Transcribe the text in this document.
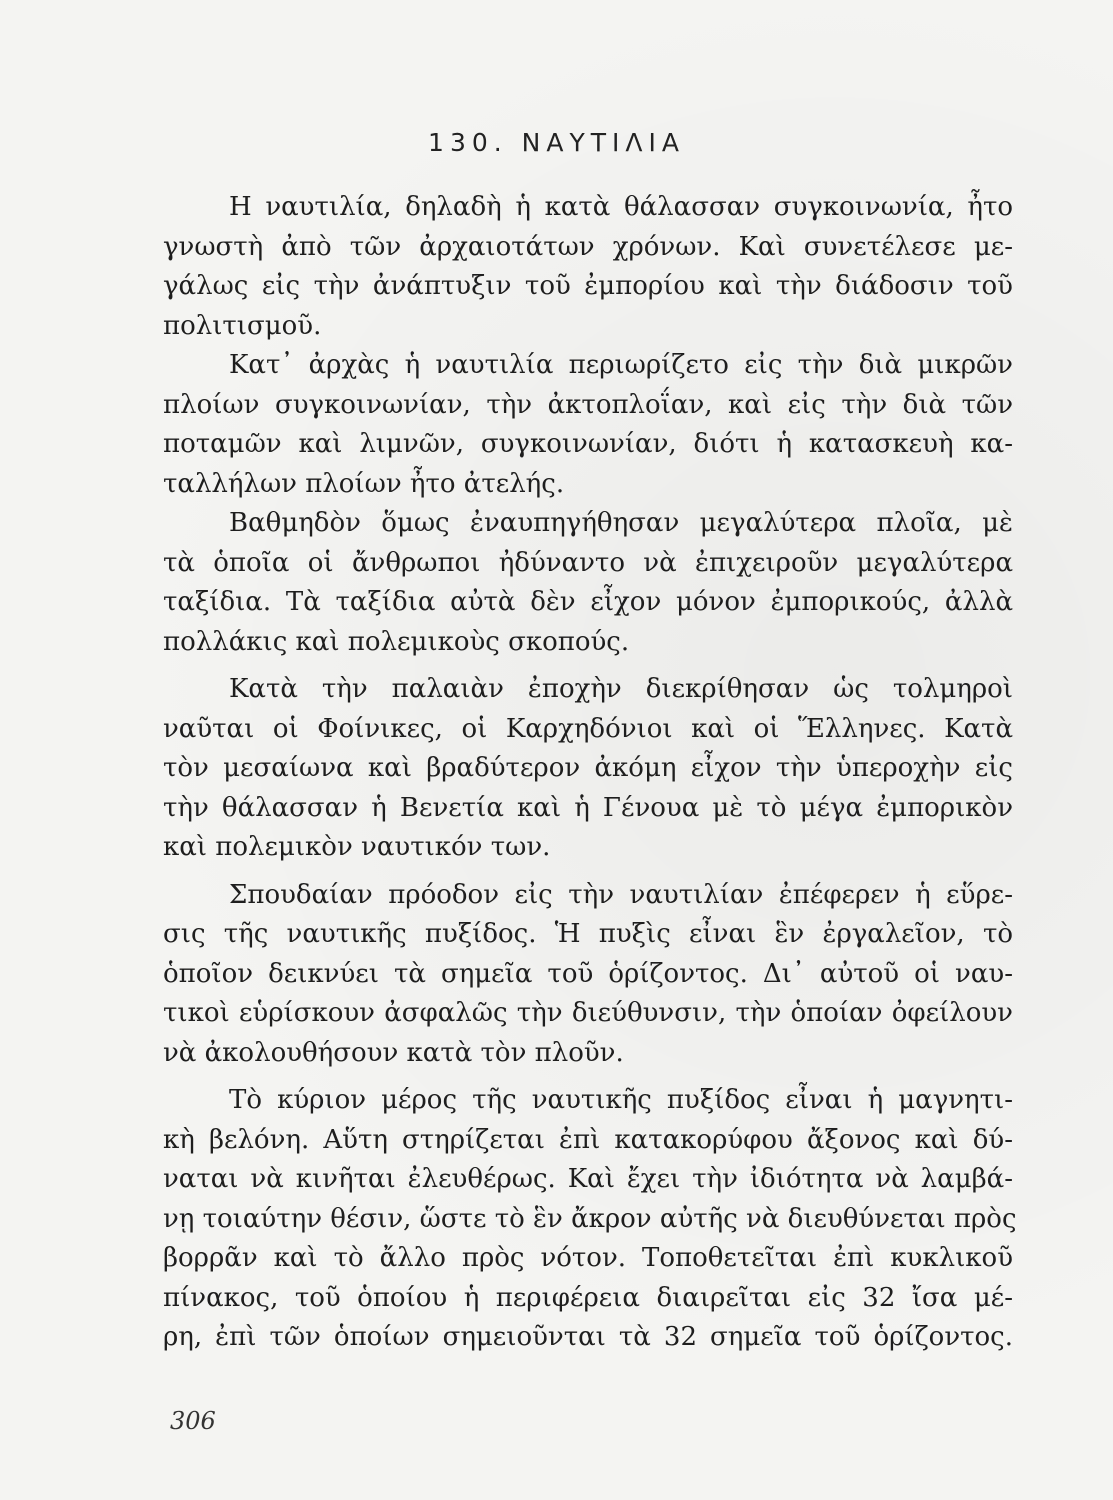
130. ΝΑΥΤΙΛΙΑ
Η ναυτιλία, δηλαδὴ ἡ κατὰ θάλασσαν συγκοινωνία, ἦτο
γνωστὴ ἀπὸ τῶν ἀρχαιοτάτων χρόνων. Καὶ συνετέλεσε με-
γάλως εἰς τὴν ἀνάπτυξιν τοῦ ἐμπορίου καὶ τὴν διάδοσιν τοῦ
πολιτισμοῦ.
Κατ᾿ ἀρχὰς ἡ ναυτιλία περιωρίζετο εἰς τὴν διὰ μικρῶν
πλοίων συγκοινωνίαν, τὴν ἀκτοπλοΐαν, καὶ εἰς τὴν διὰ τῶν
ποταμῶν καὶ λιμνῶν, συγκοινωνίαν, διότι ἡ κατασκευὴ κα-
ταλλήλων πλοίων ἦτο ἀτελής.
Βαθμηδὸν ὅμως ἐναυπηγήθησαν μεγαλύτερα πλοῖα, μὲ
τὰ ὁποῖα οἱ ἄνθρωποι ἠδύναντο νὰ ἐπιχειροῦν μεγαλύτερα
ταξίδια. Τὰ ταξίδια αὐτὰ δὲν εἶχον μόνον ἐμπορικούς, ἀλλὰ
πολλάκις καὶ πολεμικοὺς σκοπούς.
Κατὰ τὴν παλαιὰν ἐποχὴν διεκρίθησαν ὡς τολμηροὶ
ναῦται οἱ Φοίνικες, οἱ Καρχηδόνιοι καὶ οἱ Ἕλληνες. Κατὰ
τὸν μεσαίωνα καὶ βραδύτερον ἀκόμη εἶχον τὴν ὑπεροχὴν εἰς
τὴν θάλασσαν ἡ Βενετία καὶ ἡ Γένουα μὲ τὸ μέγα ἐμπορικὸν
καὶ πολεμικὸν ναυτικόν των.
Σπουδαίαν πρόοδον εἰς τὴν ναυτιλίαν ἐπέφερεν ἡ εὕρε-
σις τῆς ναυτικῆς πυξίδος. Ἡ πυξὶς εἶναι ἓν ἐργαλεῖον, τὸ
ὁποῖον δεικνύει τὰ σημεῖα τοῦ ὁρίζοντος. Δι᾿ αὐτοῦ οἱ ναυ-
τικοὶ εὑρίσκουν ἀσφαλῶς τὴν διεύθυνσιν, τὴν ὁποίαν ὀφείλουν
νὰ ἀκολουθήσουν κατὰ τὸν πλοῦν.
Τὸ κύριον μέρος τῆς ναυτικῆς πυξίδος εἶναι ἡ μαγνητι-
κὴ βελόνη. Αὕτη στηρίζεται ἐπὶ κατακορύφου ἄξονος καὶ δύ-
ναται νὰ κινῆται ἐλευθέρως. Καὶ ἔχει τὴν ἰδιότητα νὰ λαμβά-
νῃ τοιαύτην θέσιν, ὥστε τὸ ἓν ἄκρον αὐτῆς νὰ διευθύνεται πρὸς
βορρᾶν καὶ τὸ ἄλλο πρὸς νότον. Τοποθετεῖται ἐπὶ κυκλικοῦ
πίνακος, τοῦ ὁποίου ἡ περιφέρεια διαιρεῖται εἰς 32 ἴσα μέ-
ρη, ἐπὶ τῶν ὁποίων σημειοῦνται τὰ 32 σημεῖα τοῦ ὁρίζοντος.
306
